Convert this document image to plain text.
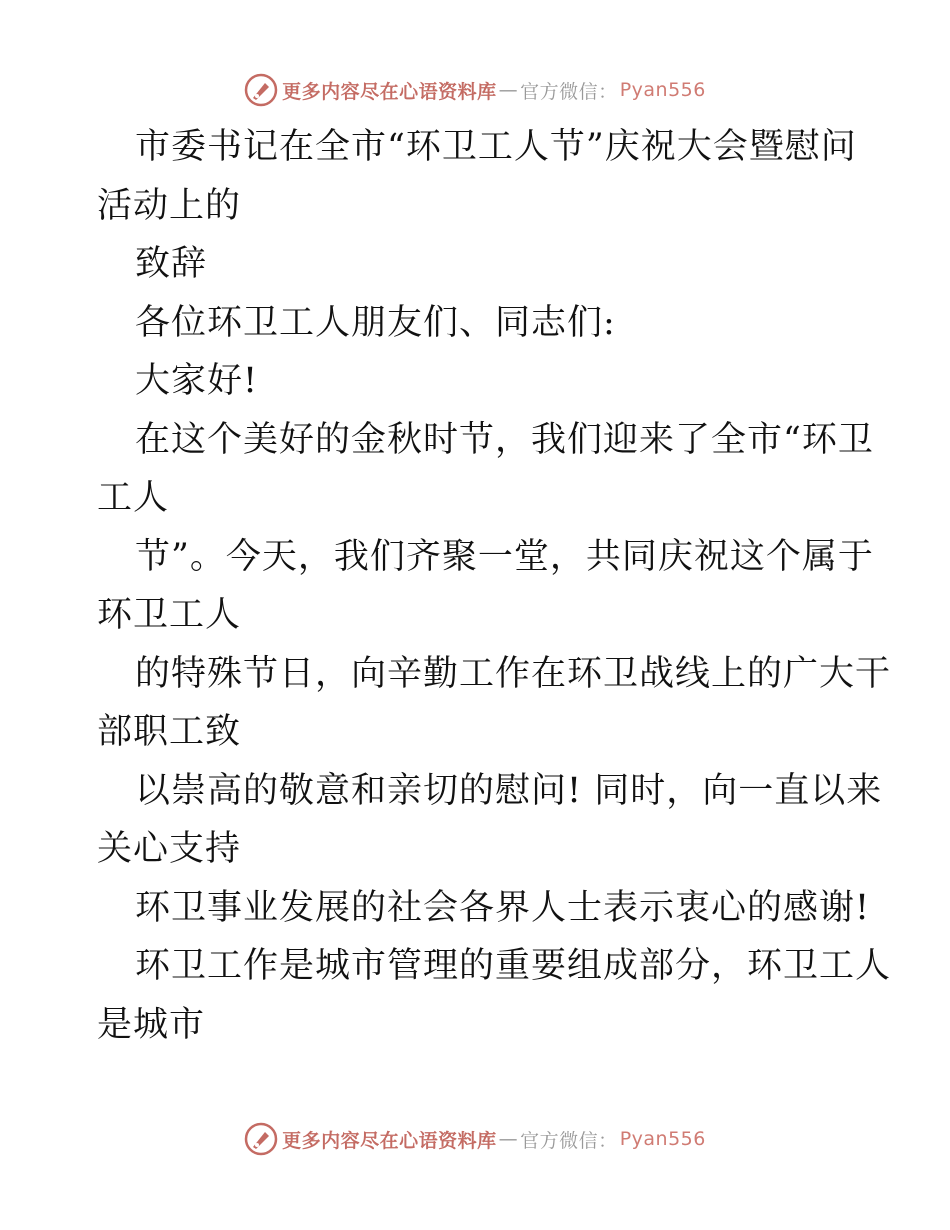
更多内容尽在心语资料库 — 官方微信： Pyan556
市委书记在全市“环卫工人节”庆祝大会暨慰问
活动上的
致辞
各位环卫工人朋友们、同志们:
大家好!
在这个美好的金秋时节，我们迎来了全市“环卫
工人
节”。今天，我们齐聚一堂，共同庆祝这个属于
环卫工人
的特殊节日，向辛勤工作在环卫战线上的广大干
部职工致
以崇高的敬意和亲切的慰问! 同时，向一直以来
关心支持
环卫事业发展的社会各界人士表示衷心的感谢!
环卫工作是城市管理的重要组成部分，环卫工人
是城市
更多内容尽在心语资料库 — 官方微信： Pyan556
